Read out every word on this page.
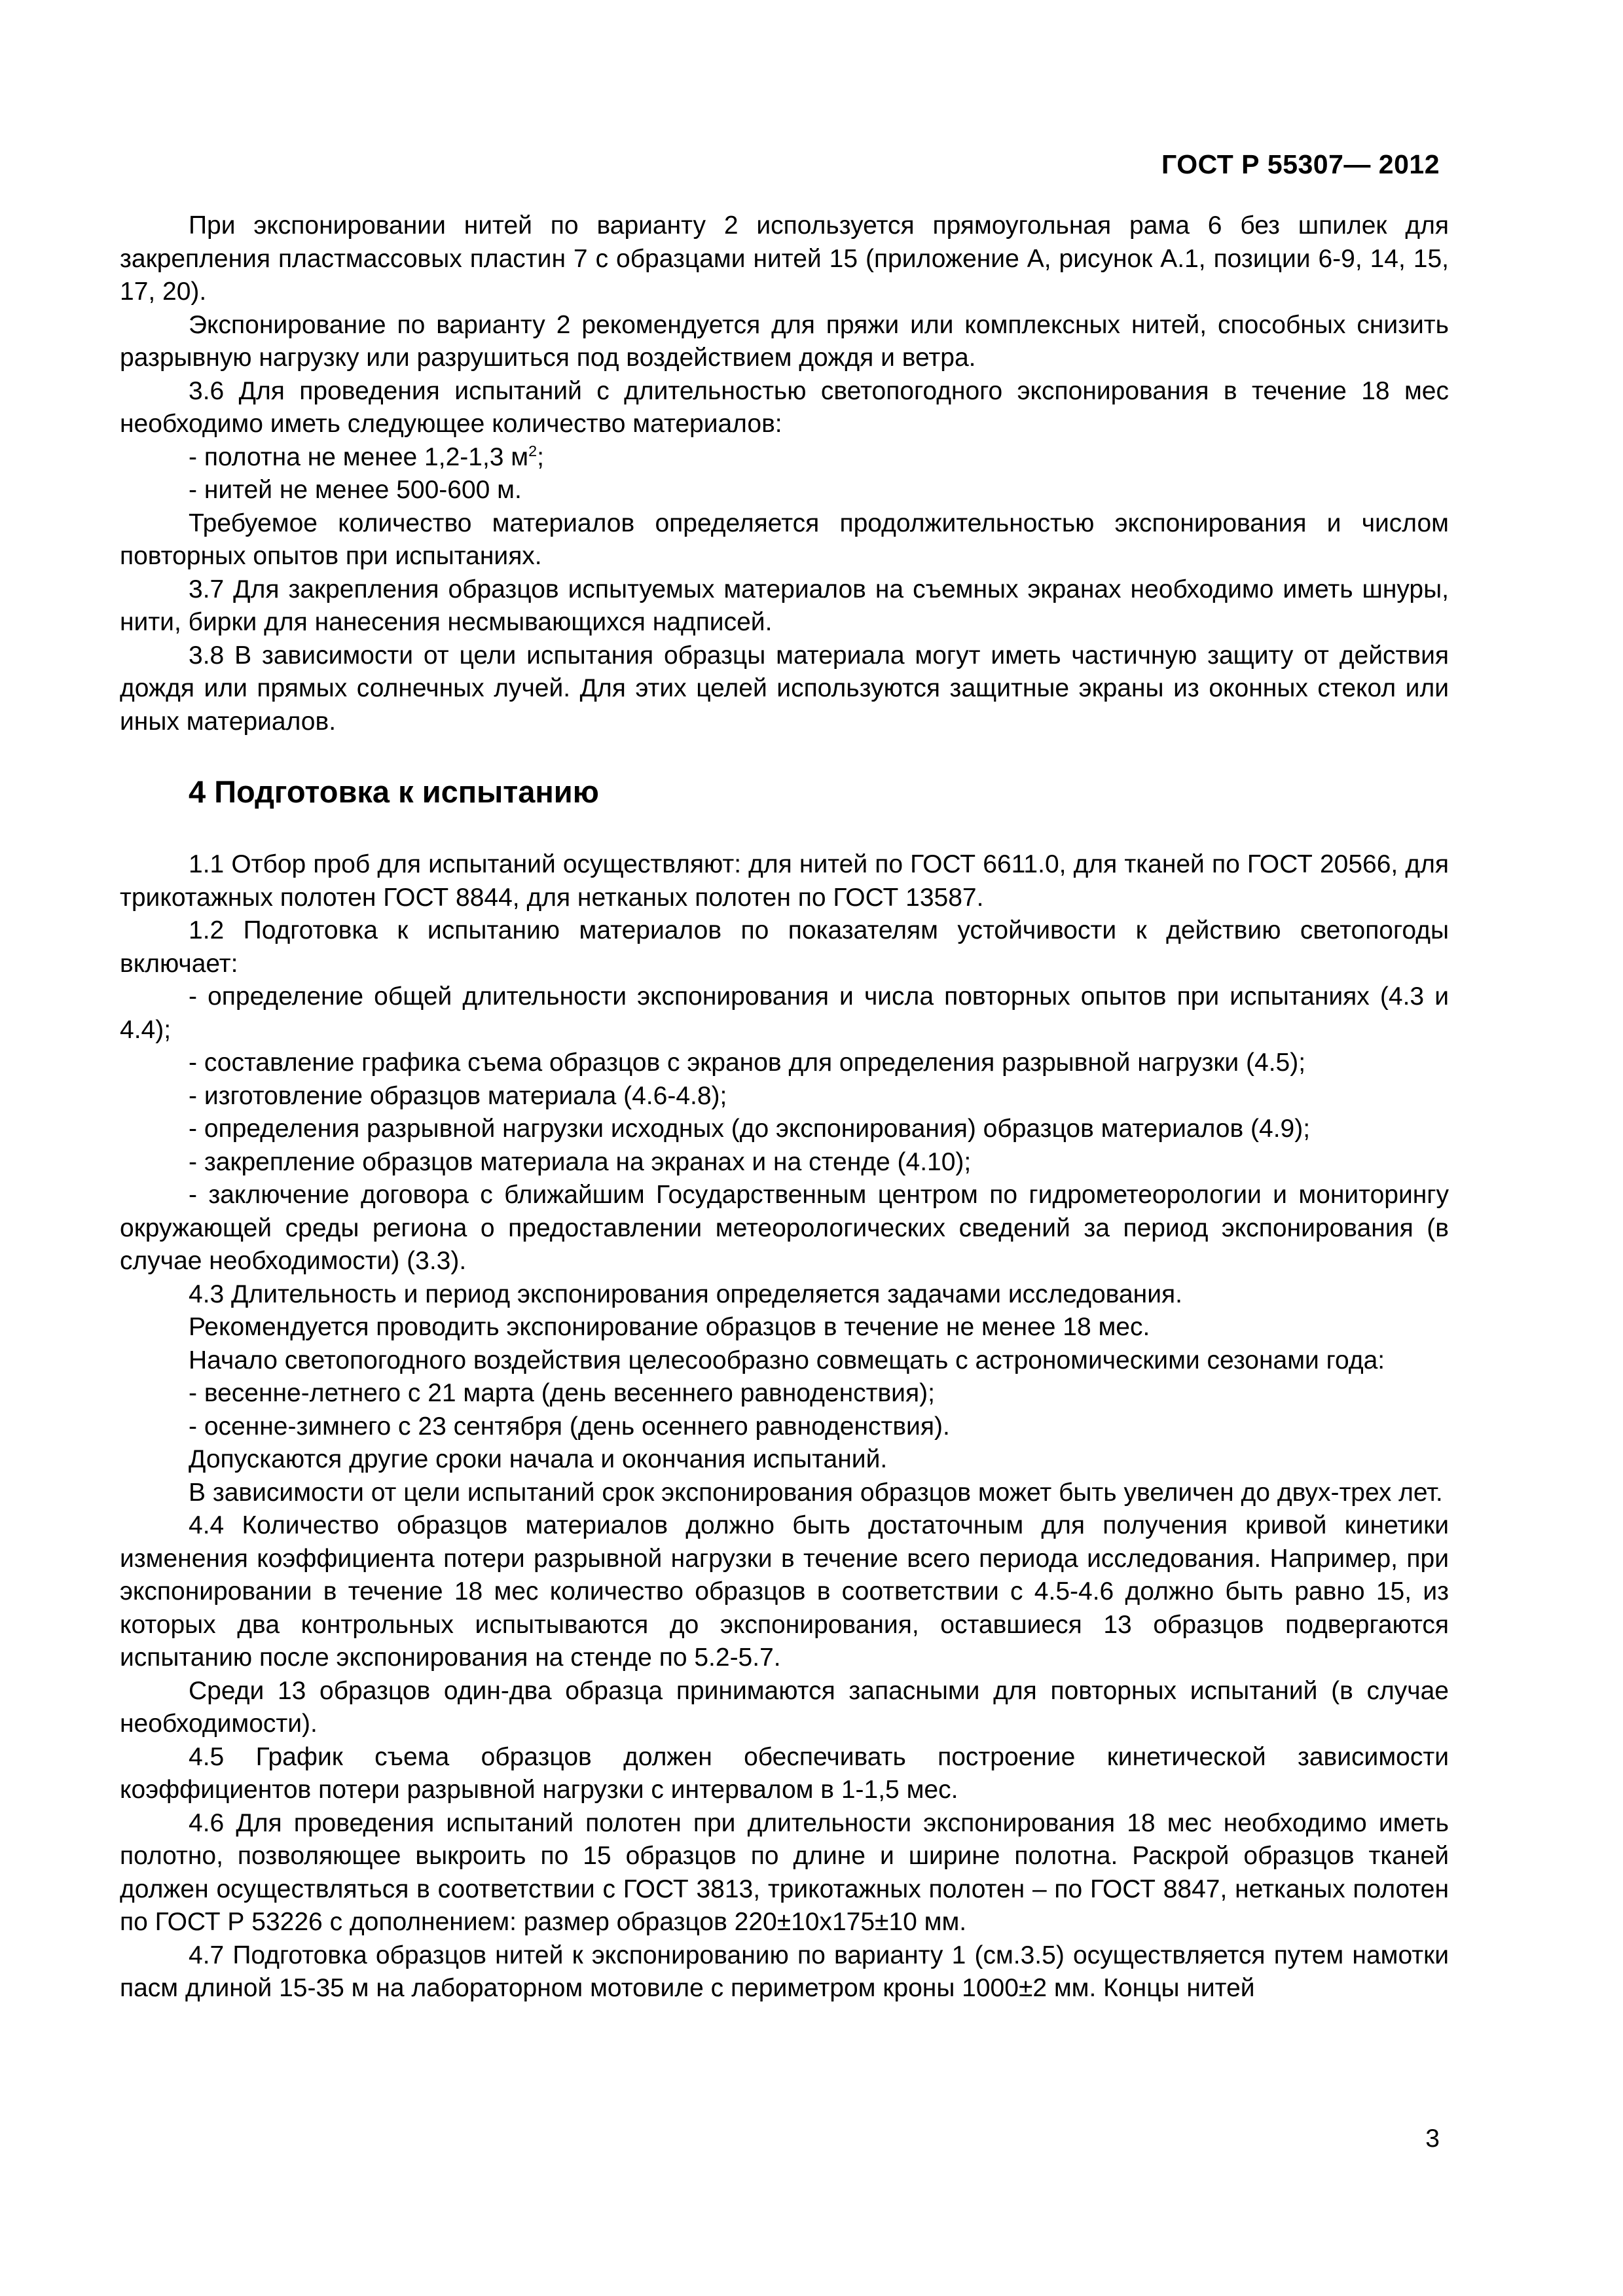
ГОСТ Р 55307— 2012

При экспонировании нитей по варианту 2 используется прямоугольная рама 6 без шпилек для закрепления пластмассовых пластин 7 с образцами нитей 15 (приложение А, рисунок А.1, позиции 6-9, 14, 15, 17, 20).

Экспонирование по варианту 2 рекомендуется для пряжи или комплексных нитей, способных снизить разрывную нагрузку или разрушиться под воздействием дождя и ветра.

3.6 Для проведения испытаний с длительностью светопогодного экспонирования в течение 18 мес необходимо иметь следующее количество материалов:

- полотна не менее 1,2-1,3 $м^2$;

- нитей не менее 500-600 м.

Требуемое количество материалов определяется продолжительностью экспонирования и числом повторных опытов при испытаниях.

3.7 Для закрепления образцов испытуемых материалов на съемных экранах необходимо иметь шнуры, нити, бирки для нанесения несмывающихся надписей.

3.8 В зависимости от цели испытания образцы материала могут иметь частичную защиту от действия дождя или прямых солнечных лучей. Для этих целей используются защитные экраны из оконных стекол или иных материалов.

4 Подготовка к испытанию

1.1 Отбор проб для испытаний осуществляют: для нитей по ГОСТ 6611.0, для тканей по ГОСТ 20566, для трикотажных полотен ГОСТ 8844, для нетканых полотен по ГОСТ 13587.

1.2 Подготовка к испытанию материалов по показателям устойчивости к действию светопогоды включает:

- определение общей длительности экспонирования и числа повторных опытов при испытаниях (4.3 и 4.4);

- составление графика съема образцов с экранов для определения разрывной нагрузки (4.5);

- изготовление образцов материала (4.6-4.8);

- определения разрывной нагрузки исходных (до экспонирования) образцов материалов (4.9);

- закрепление образцов материала на экранах и на стенде (4.10);

- заключение договора с ближайшим Государственным центром по гидрометеорологии и мониторингу окружающей среды региона о предоставлении метеорологических сведений за период экспонирования (в случае необходимости) (3.3).

4.3 Длительность и период экспонирования определяется задачами исследования.

Рекомендуется проводить экспонирование образцов в течение не менее 18 мес.

Начало светопогодного воздействия целесообразно совмещать с астрономическими сезонами года:

- весенне-летнего с 21 марта (день весеннего равноденствия);

- осенне-зимнего с 23 сентября (день осеннего равноденствия).

Допускаются другие сроки начала и окончания испытаний.

В зависимости от цели испытаний срок экспонирования образцов может быть увеличен до двух-трех лет.

4.4 Количество образцов материалов должно быть достаточным для получения кривой кинетики изменения коэффициента потери разрывной нагрузки в течение всего периода исследования. Например, при экспонировании в течение 18 мес количество образцов в соответствии с 4.5-4.6 должно быть равно 15, из которых два контрольных испытываются до экспонирования, оставшиеся 13 образцов подвергаются испытанию после экспонирования на стенде по 5.2-5.7.

Среди 13 образцов один-два образца принимаются запасными для повторных испытаний (в случае необходимости).

4.5 График съема образцов должен обеспечивать построение кинетической зависимости коэффициентов потери разрывной нагрузки с интервалом в 1-1,5 мес.

4.6 Для проведения испытаний полотен при длительности экспонирования 18 мес необходимо иметь полотно, позволяющее выкроить по 15 образцов по длине и ширине полотна. Раскрой образцов тканей должен осуществляться в соответствии с ГОСТ 3813, трикотажных полотен – по ГОСТ 8847, нетканых полотен по ГОСТ Р 53226 с дополнением: размер образцов 220±10x175±10 мм.

4.7 Подготовка образцов нитей к экспонированию по варианту 1 (см.3.5) осуществляется путем намотки пасм длиной 15-35 м на лабораторном мотовиле с периметром кроны 1000±2 мм. Концы нитей

3
